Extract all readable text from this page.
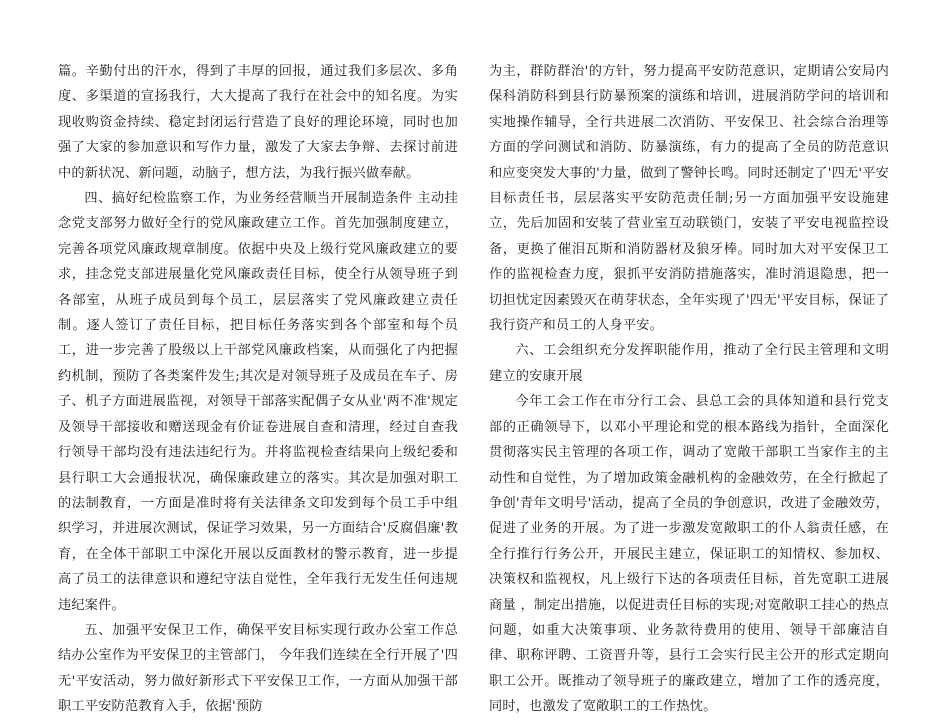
篇。辛勤付出的汗水，得到了丰厚的回报，通过我们多层次、多角度、多渠道的宣扬我行，大大提高了我行在社会中的知名度。为实现收购资金持续、稳定封闭运行营造了良好的理论环境，同时也加强了大家的参加意识和写作力量，激发了大家去争辩、去探讨前进中的新状况、新问题，动脑子，想方法，为我行振兴做奉献。

四、搞好纪检监察工作，为业务经营顺当开展制造条件 主动挂念党支部努力做好全行的党风廉政建立工作。首先加强制度建立，完善各项党风廉政规章制度。依据中央及上级行党风廉政建立的要求，挂念党支部进展量化党风廉政责任目标，使全行从领导班子到各部室，从班子成员到每个员工，层层落实了党风廉政建立责任制。逐人签订了责任目标，把目标任务落实到各个部室和每个员工，进一步完善了股级以上干部党风廉政档案，从而强化了内把握约机制，预防了各类案件发生;其次是对领导班子及成员在车子、房子、机子方面进展监视，对领导干部落实配偶子女从业'两不准'规定及领导干部接收和赠送现金有价证卷进展自查和清理，经过自查我行领导干部均没有违法违纪行为。并将监视检查结果向上级纪委和县行职工大会通报状况，确保廉政建立的落实。其次是加强对职工的法制教育，一方面是准时将有关法律条文印发到每个员工手中组织学习，并进展次测试，保证学习效果，另一方面结合'反腐倡廉'教育，在全体干部职工中深化开展以反面教材的警示教育，进一步提高了员工的法律意识和遵纪守法自觉性，全年我行无发生任何违规违纪案件。

五、加强平安保卫工作，确保平安目标实现行政办公室工作总结办公室作为平安保卫的主管部门， 今年我们连续在全行开展了'四无'平安活动，努力做好新形式下平安保卫工作，一方面从加强干部职工平安防范教育入手，依据'预防

为主，群防群治'的方针，努力提高平安防范意识，定期请公安局内保科消防科到县行防暴预案的演练和培训，进展消防学问的培训和实地操作辅导，全行共进展二次消防、平安保卫、社会综合治理等方面的学问测试和消防、防暴演练，有力的提高了全员的防范意识和应变突发大事的'力量，做到了警钟长鸣。同时还制定了'四无'平安目标责任书，层层落实平安防范责任制;另一方面加强平安设施建立，先后加固和安装了营业室互动联锁门，安装了平安电视监控设备，更换了催泪瓦斯和消防器材及狼牙棒。同时加大对平安保卫工作的监视检查力度，狠抓平安消防措施落实，准时消退隐患，把一切担忧定因素毁灭在萌芽状态，全年实现了'四无'平安目标，保证了我行资产和员工的人身平安。

六、工会组织充分发挥职能作用，推动了全行民主管理和文明建立的安康开展

今年工会工作在市分行工会、县总工会的具体知道和县行党支部的正确领导下，以邓小平理论和党的根本路线为指针，全面深化贯彻落实民主管理的各项工作，调动了宽敞干部职工当家作主的主动性和自觉性，为了增加政策金融机构的金融效劳，在全行掀起了争创'青年文明号'活动，提高了全员的争创意识，改进了金融效劳，促进了业务的开展。为了进一步激发宽敞职工的仆人翁责任感，在全行推行行务公开，开展民主建立，保证职工的知情权、参加权、决策权和监视权，凡上级行下达的各项责任目标，首先宽职工进展商量 ，制定出措施，以促进责任目标的实现;对宽敞职工挂心的热点问题，如重大决策事项、业务款待费用的使用、领导干部廉洁自律、职称评聘、工资晋升等，县行工会实行民主公开的形式定期向职工公开。既推动了领导班子的廉政建立，增加了工作的透亮度，同时，也激发了宽敞职工的工作热忱。
